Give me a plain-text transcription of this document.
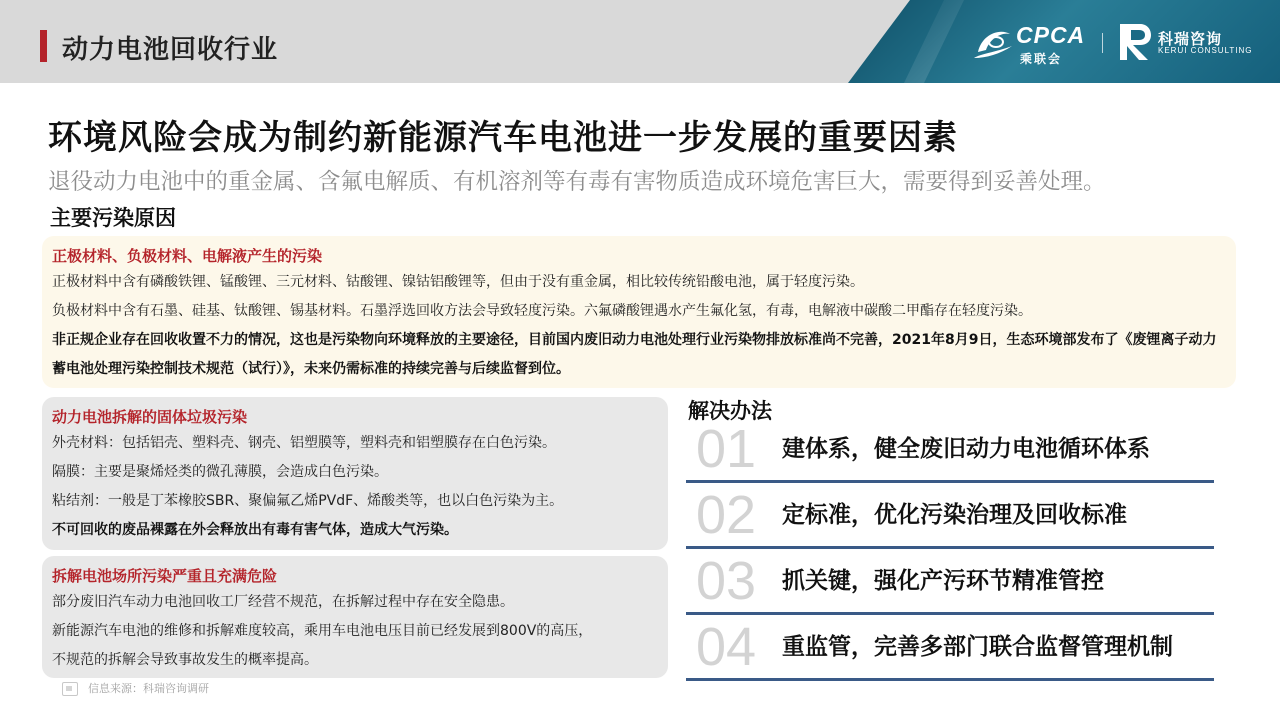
动力电池回收行业	CPCA
乘联会
科瑞咨询
KERUI CONSULTING
环境风险会成为制约新能源汽车电池进一步发展的重要因素
退役动力电池中的重金属、含氟电解质、有机溶剂等有毒有害物质造成环境危害巨大，需要得到妥善处理。
主要污染原因
正极材料、负极材料、电解液产生的污染
正极材料中含有磷酸铁锂、锰酸锂、三元材料、钴酸锂、镍钴铝酸锂等，但由于没有重金属，相比较传统铅酸电池，属于轻度污染。
负极材料中含有石墨、硅基、钛酸锂、锡基材料。石墨浮选回收方法会导致轻度污染。六氟磷酸锂遇水产生氟化氢，有毒，电解液中碳酸二甲酯存在轻度污染。
非正规企业存在回收收置不力的情况，这也是污染物向环境释放的主要途径，目前国内废旧动力电池处理行业污染物排放标准尚不完善，2021年8月9日，生态环境部发布了《废锂离子动力蓄电池处理污染控制技术规范（试行）》，未来仍需标准的持续完善与后续监督到位。
动力电池拆解的固体垃圾污染
外壳材料：包括铝壳、塑料壳、钢壳、铝塑膜等，塑料壳和铝塑膜存在白色污染。
隔膜：主要是聚烯烃类的微孔薄膜，会造成白色污染。
粘结剂：一般是丁苯橡胶SBR、聚偏氟乙烯PVdF、烯酸类等，也以白色污染为主。
不可回收的废品裸露在外会释放出有毒有害气体，造成大气污染。
拆解电池场所污染严重且充满危险
部分废旧汽车动力电池回收工厂经营不规范，在拆解过程中存在安全隐患。
新能源汽车电池的维修和拆解难度较高，乘用车电池电压目前已经发展到800V的高压，
不规范的拆解会导致事故发生的概率提高。
解决办法
01 建体系，健全废旧动力电池循环体系
02 定标准，优化污染治理及回收标准
03 抓关键，强化产污环节精准管控
04 重监管，完善多部门联合监督管理机制
信息来源：科瑞咨询调研
